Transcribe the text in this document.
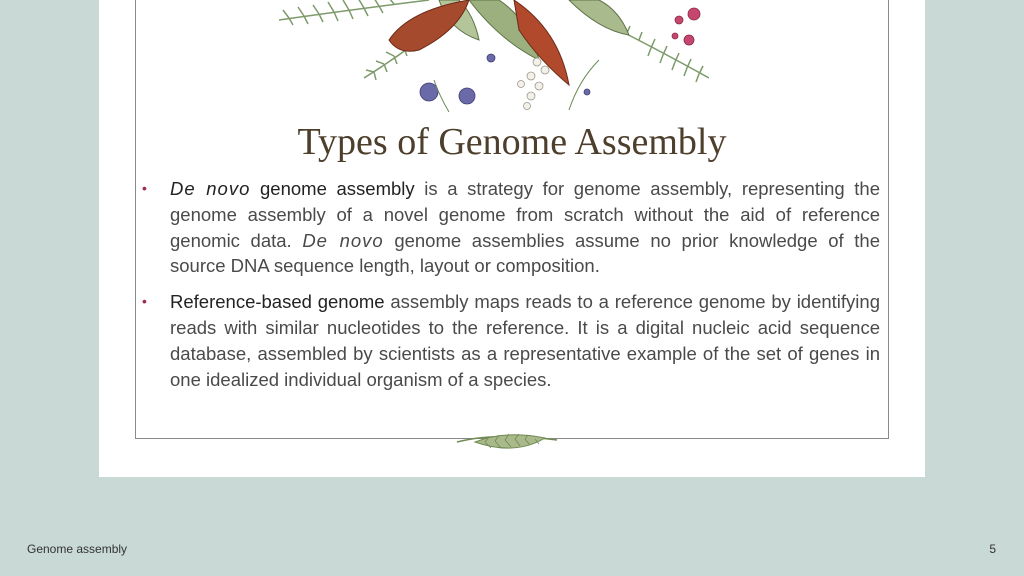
Types of Genome Assembly
• De novo genome assembly is a strategy for genome assembly, representing the genome assembly of a novel genome from scratch without the aid of reference genomic data. De novo genome assemblies assume no prior knowledge of the source DNA sequence length, layout or composition.
• Reference-based genome assembly maps reads to a reference genome by identifying reads with similar nucleotides to the reference. It is a digital nucleic acid sequence database, assembled by scientists as a representative example of the set of genes in one idealized individual organism of a species.
Genome assembly	5
